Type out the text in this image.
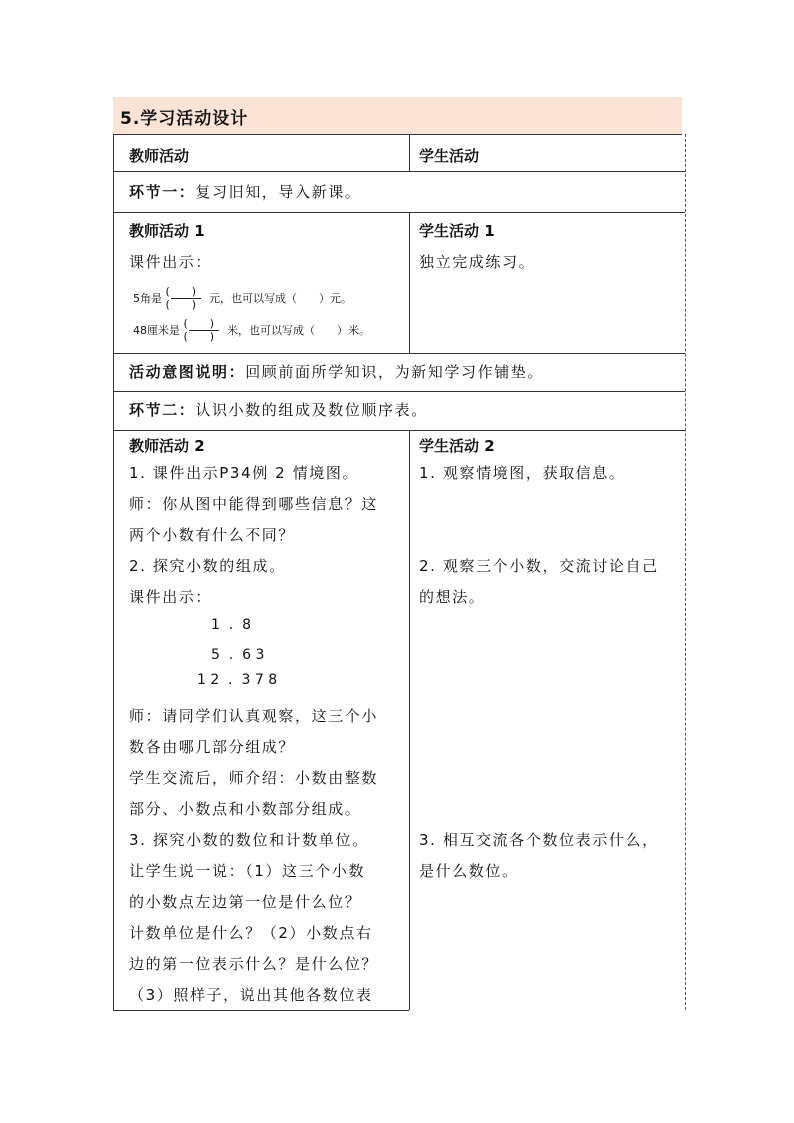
5.学习活动设计
教师活动	学生活动
环节一：复习旧知，导入新课。
教师活动 1
课件出示：
5角是 $\frac{( )}{( )}$ 元，也可以写成（　　）元。
48厘米是 $\frac{( )}{( )}$ 米，也可以写成（　　）米。
学生活动 1
独立完成练习。
活动意图说明：回顾前面所学知识，为新知学习作铺垫。
环节二：认识小数的组成及数位顺序表。
教师活动 2
1. 课件出示P34例 2 情境图。
师：你从图中能得到哪些信息？这
两个小数有什么不同？
2. 探究小数的组成。
课件出示：
1  .  8
5  .  6 3
1 2  .  3 7 8
师：请同学们认真观察，这三个小
数各由哪几部分组成？
学生交流后，师介绍：小数由整数
部分、小数点和小数部分组成。
3. 探究小数的数位和计数单位。
让学生说一说：（1）这三个小数
的小数点左边第一位是什么位？
计数单位是什么？（2）小数点右
边的第一位表示什么？是什么位？
（3）照样子，说出其他各数位表
学生活动 2
1. 观察情境图，获取信息。
2. 观察三个小数，交流讨论自己
的想法。
3. 相互交流各个数位表示什么，
是什么数位。
